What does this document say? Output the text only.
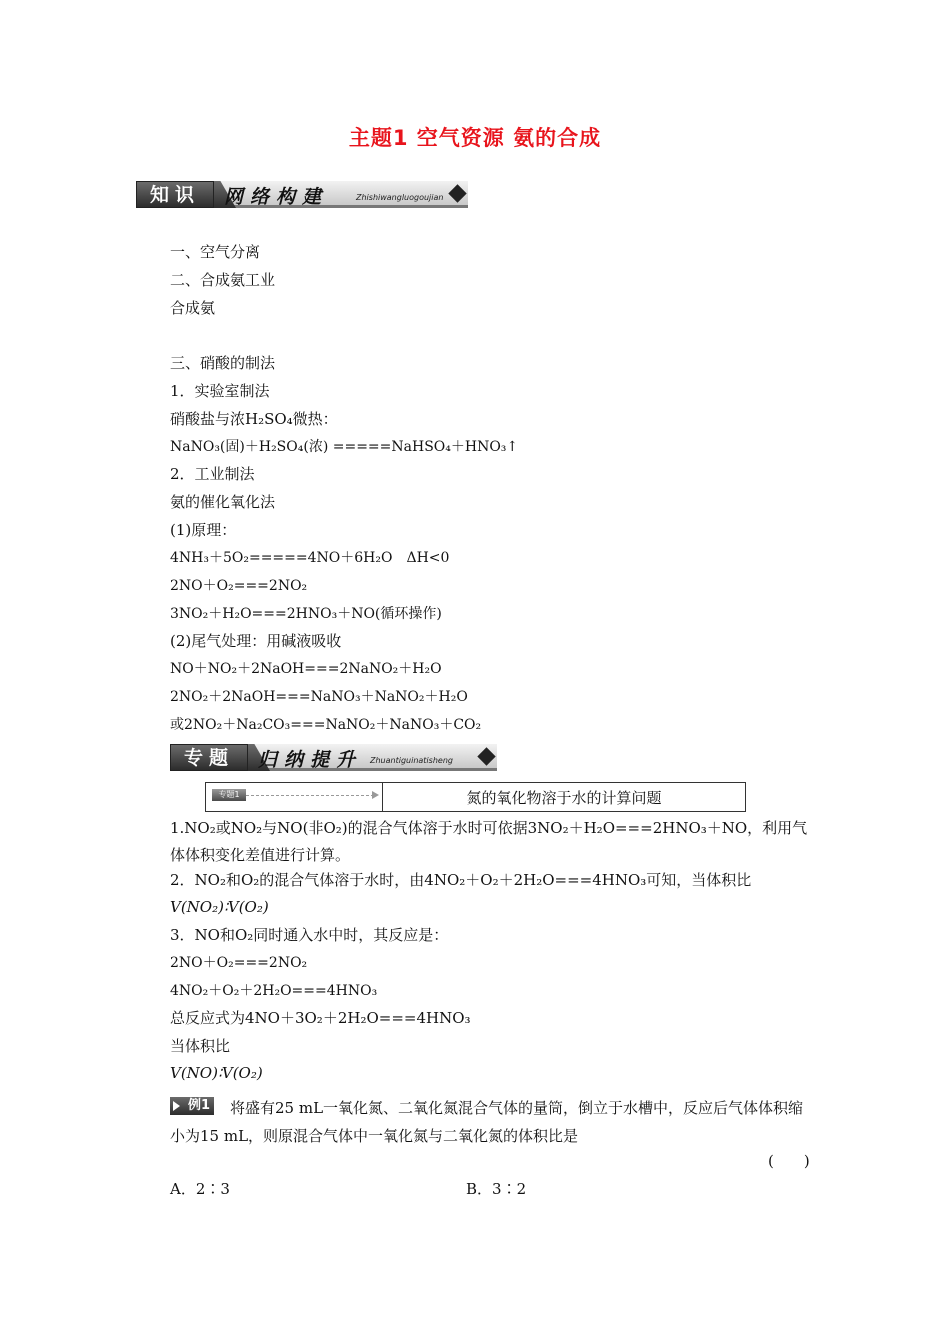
主题1 空气资源 氨的合成
知识	网络构建	Zhishiwangluogoujian
一、空气分离
二、合成氨工业
合成氨
三、硝酸的制法
1．实验室制法
硝酸盐与浓H₂SO₄微热：
NaNO₃(固)＋H₂SO₄(浓) =====NaHSO₄＋HNO₃↑
2．工业制法
氨的催化氧化法
(1)原理：
4NH₃＋5O₂=====4NO＋6H₂O　ΔH<0
2NO＋O₂===2NO₂
3NO₂＋H₂O===2HNO₃＋NO(循环操作)
(2)尾气处理：用碱液吸收
NO＋NO₂＋2NaOH===2NaNO₂＋H₂O
2NO₂＋2NaOH===NaNO₃＋NaNO₂＋H₂O
或2NO₂＋Na₂CO₃===NaNO₂＋NaNO₃＋CO₂
专题	归纳提升 Zhuantiguinatisheng
专题1	氮的氧化物溶于水的计算问题
1.NO₂或NO₂与NO(非O₂)的混合气体溶于水时可依据3NO₂＋H₂O===2HNO₃＋NO，利用气体体积变化差值进行计算。
2．NO₂和O₂的混合气体溶于水时，由4NO₂＋O₂＋2H₂O===4HNO₃可知，当体积比
V(NO₂)∶V(O₂)
3．NO和O₂同时通入水中时，其反应是：
2NO＋O₂===2NO₂
4NO₂＋O₂＋2H₂O===4HNO₃
总反应式为4NO＋3O₂＋2H₂O===4HNO₃
当体积比
V(NO)∶V(O₂)
例1	将盛有25 mL一氧化氮、二氧化氮混合气体的量筒，倒立于水槽中，反应后气体体积缩小为15 mL，则原混合气体中一氧化氮与二氧化氮的体积比是
(　　)
A．2∶3	B．3∶2
